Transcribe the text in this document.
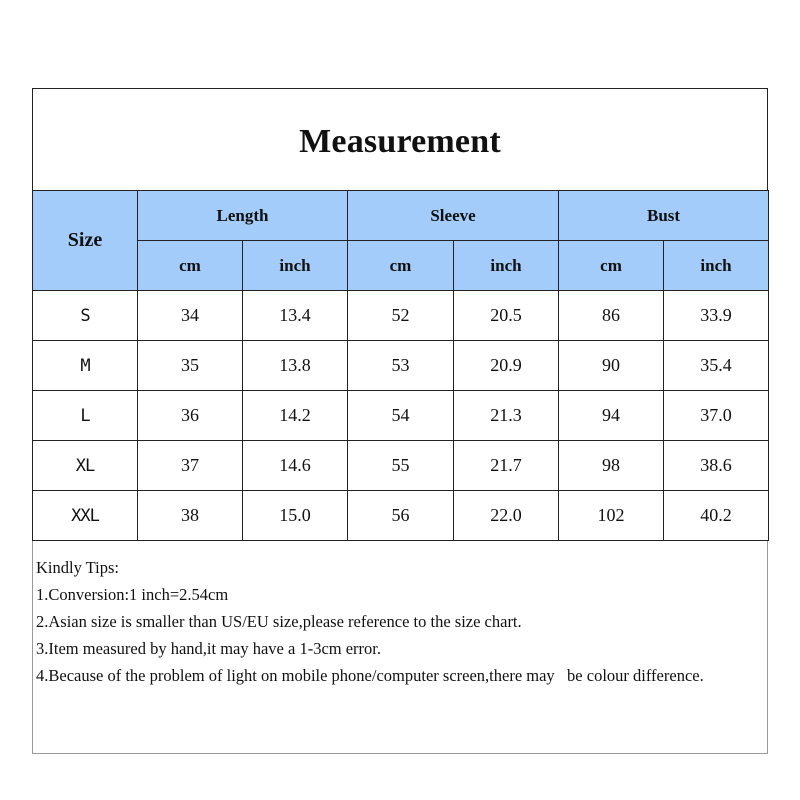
Measurement
Size	Length		Sleeve		Bust	
	cm	inch	cm	inch	cm	inch
S	34	13.4	52	20.5	86	33.9
M	35	13.8	53	20.9	90	35.4
L	36	14.2	54	21.3	94	37.0
XL	37	14.6	55	21.7	98	38.6
XXL	38	15.0	56	22.0	102	40.2

Kindly Tips:

1.Conversion:1 inch=2.54cm

2.Asian size is smaller than US/EU size,please reference to the size chart.

3.Item measured by hand,it may have a 1-3cm error.

4.Because of the problem of light on mobile phone/computer screen,there may   be colour difference.
